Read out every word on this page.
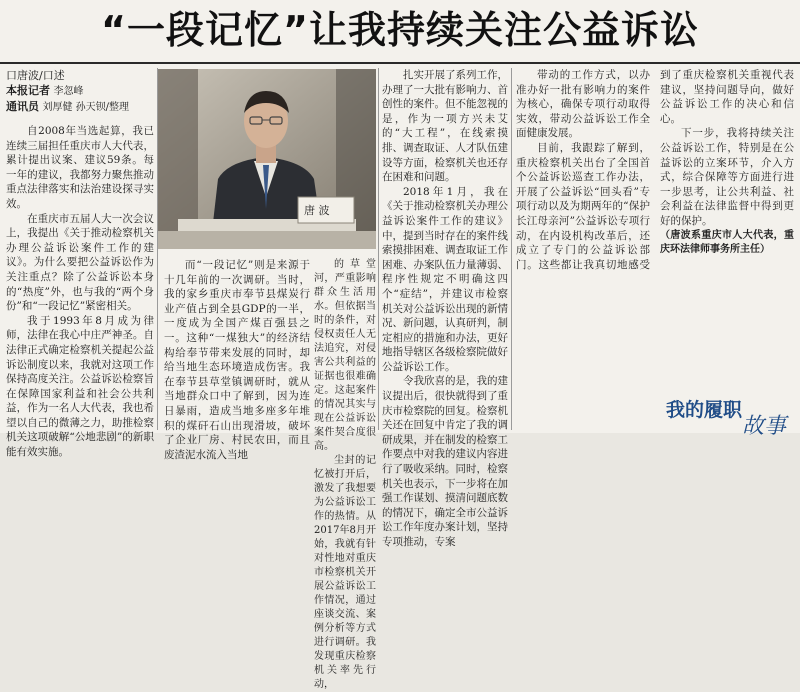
“一段记忆”让我持续关注公益诉讼
口唐波/口述
本报记者 李忽峰
通讯员 刘厚健 孙天钡/整理

自2008年当选起算，我已连续三届担任重庆市人大代表，累计提出议案、建议59条。每一年的建议，我都努力聚焦推动重点法律落实和法治建设探寻实效。

在重庆市五届人大一次会议上，我提出《关于推动检察机关办理公益诉讼案件工作的建议》。为什么要把公益诉讼作为关注重点？除了公益诉讼本身的“热度”外，也与我的“两个身份”和“一段记忆”紧密相关。

我于1993年8月成为律师，法律在我心中庄严神圣。自法律正式确定检察机关提起公益诉讼制度以来，我就对这项工作保持高度关注。公益诉讼检察旨在保障国家利益和社会公共利益，作为一名人大代表，我也希望以自己的微薄之力，助推检察机关这项破解“公地悲剧”的新职能有效实施。

唐 波
而“一段记忆”则是来源于十几年前的一次调研。当时，我的家乡重庆市奉节县煤炭行业产值占到全县GDP的一半，一度成为全国产煤百强县之一。这种“一煤独大”的经济结构给奉节带来发展的同时，却给当地生态环境造成伤害。我在奉节县草堂镇调研时，就从当地群众口中了解到，因为连日暴雨，造成当地多座多年堆积的煤矸石山出现滑坡，破坏了企业厂房、村民农田，而且废渣泥水流入当地

的草堂河，严重影响群众生活用水。但依据当时的条件，对侵权责任人无法追究，对侵害公共利益的证据也很难确定。这起案件的情况其实与现在公益诉讼案件契合度很高。

尘封的记忆被打开后，激发了我想要为公益诉讼工作的热情。从2017年8月开始，我就有针对性地对重庆市检察机关开展公益诉讼工作情况，通过座谈交流、案例分析等方式进行调研。我发现重庆检察机关率先行动，

扎实开展了系列工作，办理了一大批有影响力、首创性的案件。但不能忽视的是，作为一项方兴未艾的“大工程”，在线索摸排、调查取证、人才队伍建设等方面，检察机关也还存在困难和问题。

2018年1月，我在《关于推动检察机关办理公益诉讼案件工作的建议》中，提到当时存在的案件线索摸排困难、调查取证工作困难、办案队伍力量薄弱、程序性规定不明确这四个“症结”，并建议市检察机关对公益诉讼出现的新情况、新问题，认真研判，制定相应的措施和办法，更好地指导辖区各级检察院做好公益诉讼工作。

令我欣喜的是，我的建议提出后，很快就得到了重庆市检察院的回复。检察机关还在回复中肯定了我的调研成果，并在制发的检察工作要点中对我的建议内容进行了吸收采纳。同时，检察机关也表示，下一步将在加强工作谋划、摸清问题底数的情况下，确定全市公益诉讼工作年度办案计划，坚持专项推动，专案

带动的工作方式，以办准办好一批有影响力的案件为核心，确保专项行动取得实效，带动公益诉讼工作全面健康发展。

目前，我跟踪了解到，重庆检察机关出台了全国首个公益诉讼巡查工作办法，开展了公益诉讼“回头看”专项行动以及为期两年的“保护长江母亲河”公益诉讼专项行动，在内设机构改革后，还成立了专门的公益诉讼部门。这些都让我真切地感受到了重庆检察机关重视代表建议，坚持问题导向，做好公益诉讼工作的决心和信心。

下一步，我将持续关注公益诉讼工作，特别是在公益诉讼的立案环节，介入方式，综合保障等方面进行进一步思考，让公共利益、社会利益在法律监督中得到更好的保护。

（唐波系重庆市人大代表，重庆环法律师事务所主任）

我的履职
故事
